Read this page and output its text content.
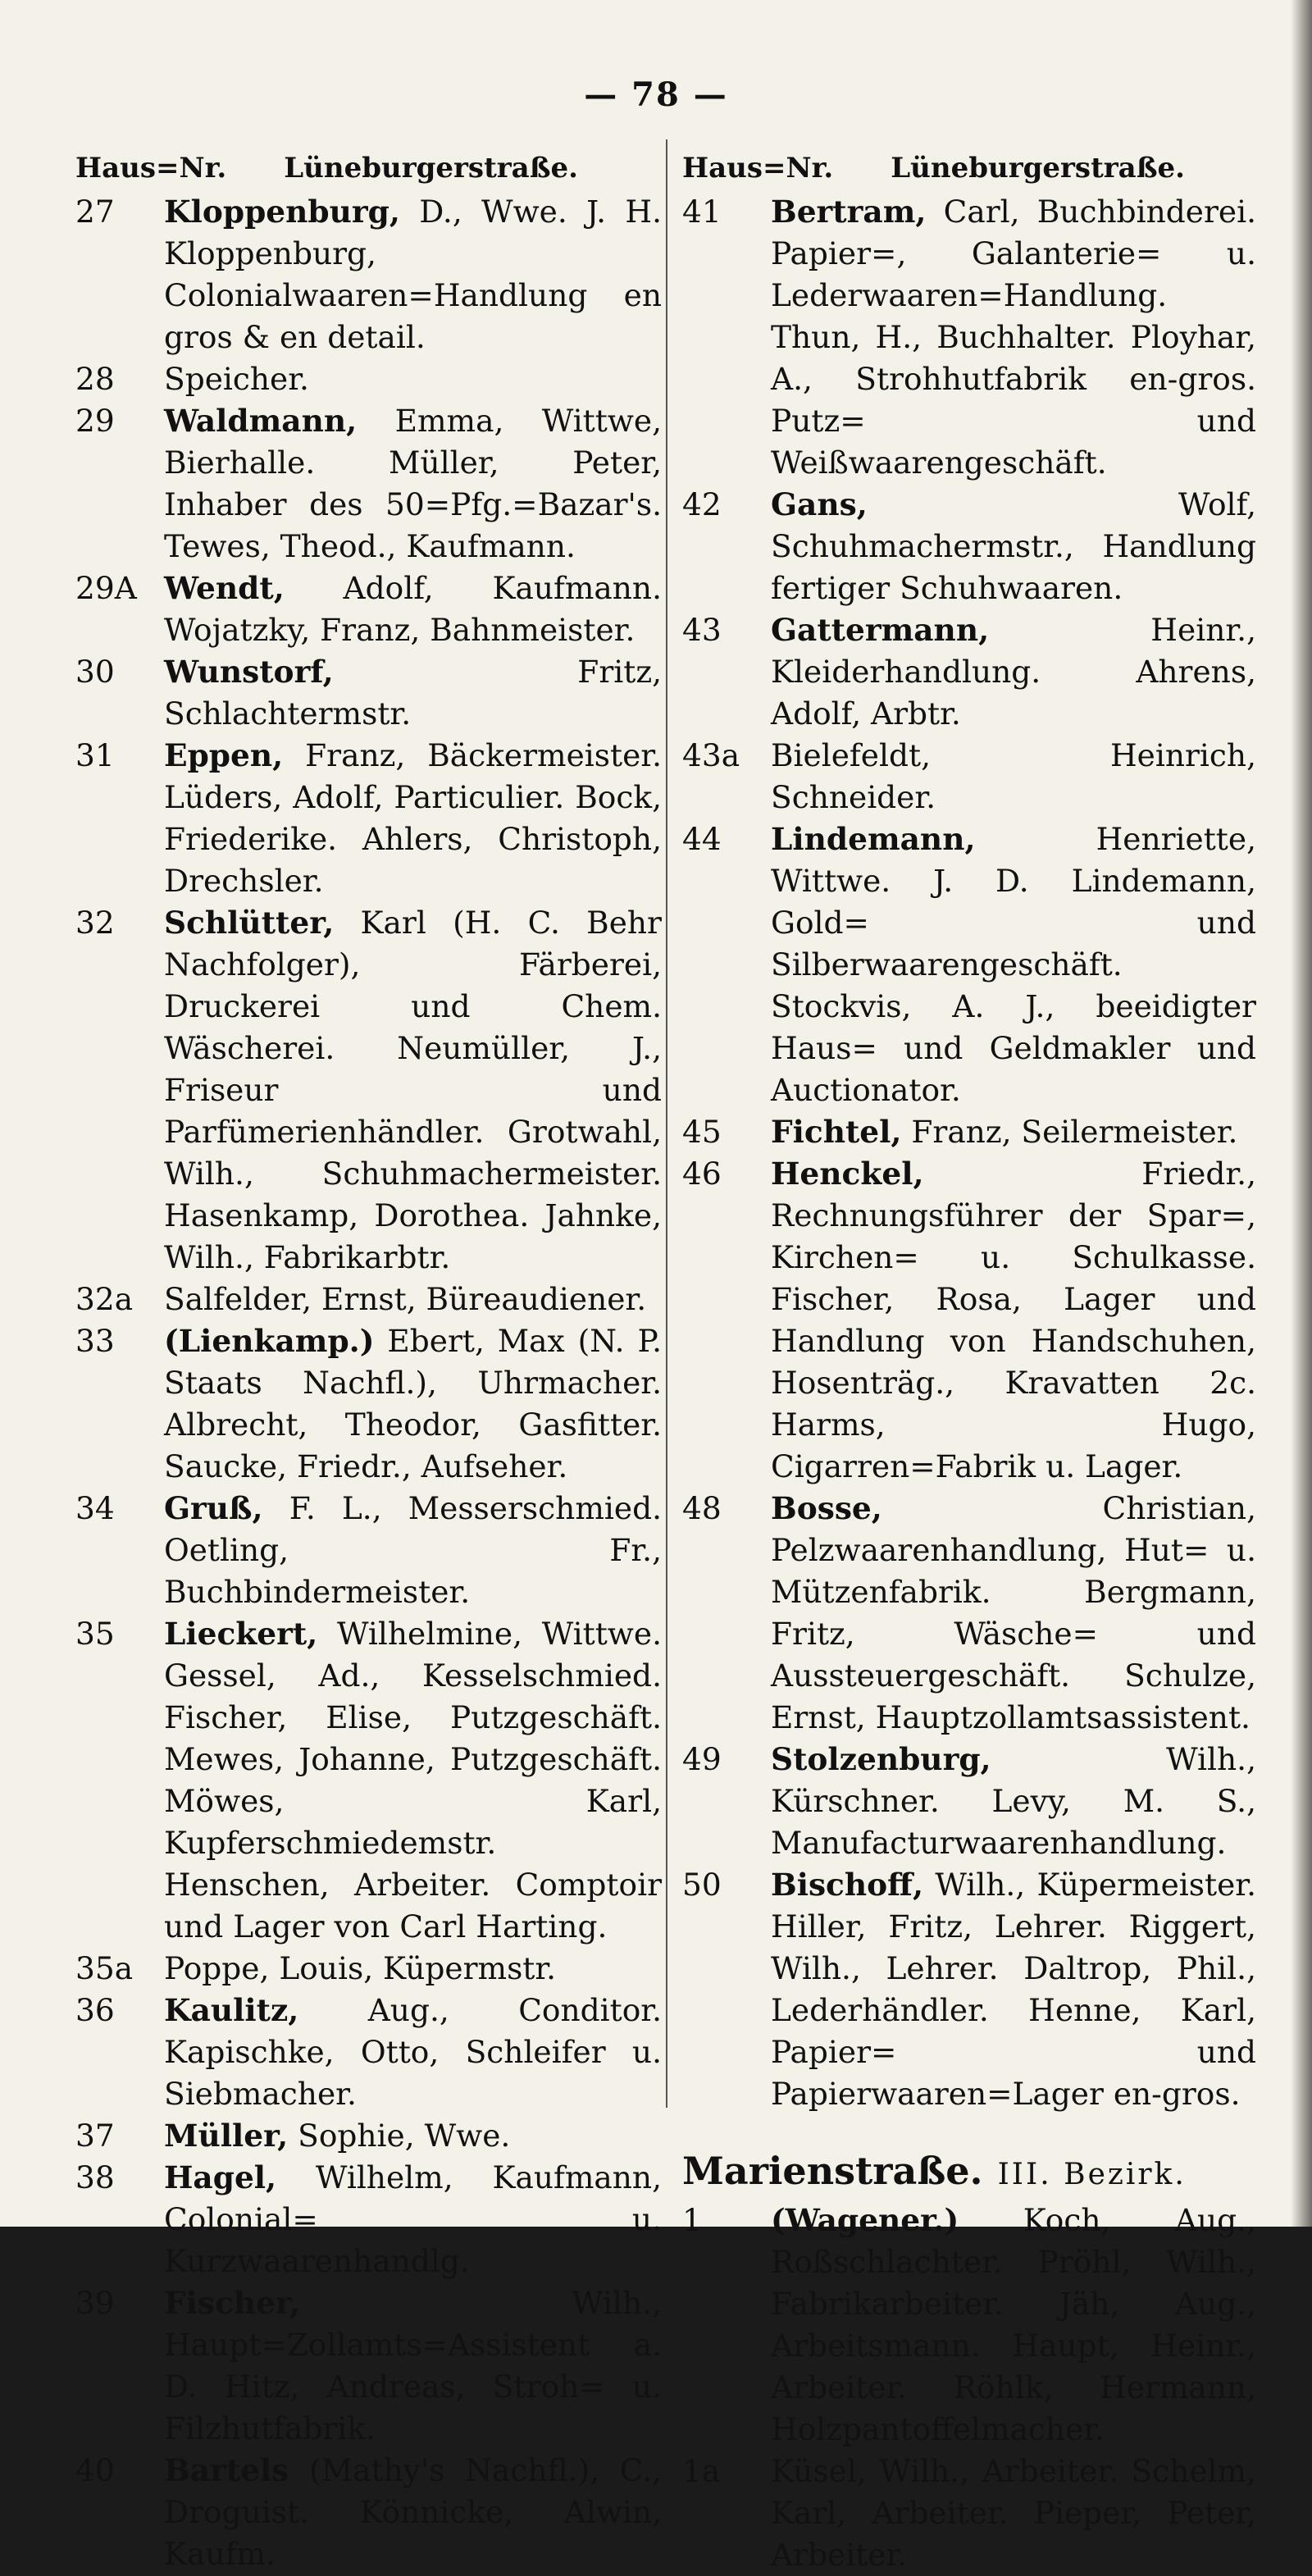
— 78 —
Haus=Nr. Lüneburgerstraße.
27	Kloppenburg, D., Wwe. J. H. Kloppenburg, Colonialwaaren=Handlung en gros & en detail.
28	Speicher.
29	Waldmann, Emma, Wittwe, Bierhalle. Müller, Peter, Inhaber des 50=Pfg.=Bazar's. Tewes, Theod., Kaufmann.
29A Wendt, Adolf, Kaufmann. Wojatzky, Franz, Bahnmeister.
30	Wunstorf, Fritz, Schlachtermstr.
31	Eppen, Franz, Bäckermeister. Lüders, Adolf, Particulier. Bock, Friederike. Ahlers, Christoph, Drechsler.
32	Schlütter, Karl (H. C. Behr Nachfolger), Färberei, Druckerei und Chem. Wäscherei. Neumüller, J., Friseur und Parfümerienhändler. Grotwahl, Wilh., Schuhmachermeister. Hasenkamp, Dorothea. Jahnke, Wilh., Fabrikarbtr.
32a	Salfelder, Ernst, Büreaudiener.
33	(Lienkamp.) Ebert, Max (N. P. Staats Nachfl.), Uhrmacher. Albrecht, Theodor, Gasfitter. Saucke, Friedr., Aufseher.
34	Gruß, F. L., Messerschmied. Oetling, Fr., Buchbindermeister.
35	Lieckert, Wilhelmine, Wittwe. Gessel, Ad., Kesselschmied. Fischer, Elise, Putzgeschäft. Mewes, Johanne, Putzgeschäft. Möwes, Karl, Kupferschmiedemstr. Henschen, Arbeiter. Comptoir und Lager von Carl Harting.
35a	Poppe, Louis, Küpermstr.
36	Kaulitz, Aug., Conditor. Kapischke, Otto, Schleifer u. Siebmacher.
37	Müller, Sophie, Wwe.
38	Hagel, Wilhelm, Kaufmann, Colonial= u. Kurzwaarenhandlg.
39	Fischer, Wilh., Haupt=Zollamts=Assistent a. D. Hitz, Andreas, Stroh= u. Filzhutfabrik.
40	Bartels (Mathy's Nachfl.), C., Droguist. Könnicke, Alwin, Kaufm.
Haus=Nr. Lüneburgerstraße.
41	Bertram, Carl, Buchbinderei. Papier=, Galanterie= u. Lederwaaren=Handlung. Thun, H., Buchhalter. Ployhar, A., Strohhutfabrik en-gros. Putz= und Weißwaarengeschäft.
42	Gans, Wolf, Schuhmachermstr., Handlung fertiger Schuhwaaren.
43	Gattermann, Heinr., Kleiderhandlung. Ahrens, Adolf, Arbtr.
43a	Bielefeldt, Heinrich, Schneider.
44	Lindemann, Henriette, Wittwe. J. D. Lindemann, Gold= und Silberwaarengeschäft. Stockvis, A. J., beeidigter Haus= und Geldmakler und Auctionator.
45	Fichtel, Franz, Seilermeister.
46	Henckel, Friedr., Rechnungsführer der Spar=, Kirchen= u. Schulkasse. Fischer, Rosa, Lager und Handlung von Handschuhen, Hosenträg., Kravatten 2c. Harms, Hugo, Cigarren=Fabrik u. Lager.
48	Bosse, Christian, Pelzwaarenhandlung, Hut= u. Mützenfabrik. Bergmann, Fritz, Wäsche= und Aussteuergeschäft. Schulze, Ernst, Hauptzollamtsassistent.
49	Stolzenburg, Wilh., Kürschner. Levy, M. S., Manufacturwaarenhandlung.
50	Bischoff, Wilh., Küpermeister. Hiller, Fritz, Lehrer. Riggert, Wilh., Lehrer. Daltrop, Phil., Lederhändler. Henne, Karl, Papier= und Papierwaaren=Lager en-gros.
Marienstraße. III. Bezirk.
1	(Wagener.) Koch, Aug., Roßschlachter. Pröhl, Wilh., Fabrikarbeiter. Jäh, Aug., Arbeitsmann. Haupt, Heinr., Arbeiter. Röhlk, Hermann, Holzpantoffelmacher.
1a	Küsel, Wilh., Arbeiter. Schelm, Karl, Arbeiter. Pieper, Peter, Arbeiter.
